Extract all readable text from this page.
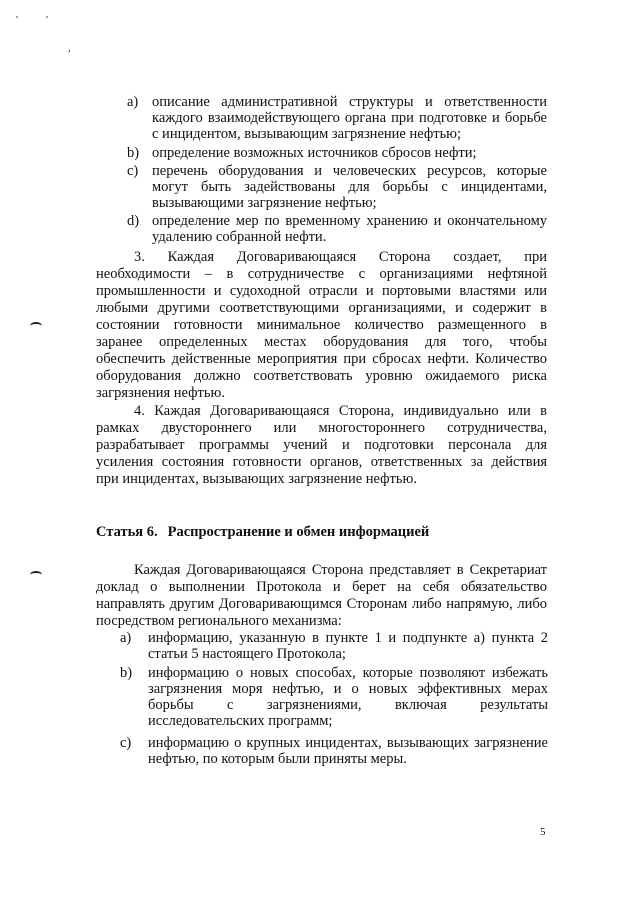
'	'
,
a) описание административной структуры и ответственности каждого взаимодействующего органа при подготовке и борьбе с инцидентом, вызывающим загрязнение нефтью;
b) определение возможных источников сбросов нефти;
c) перечень оборудования и человеческих ресурсов, которые могут быть задействованы для борьбы с инцидентами, вызывающими загрязнение нефтью;
d) определение мер по временному хранению и окончательному удалению собранной нефти.
3. Каждая Договаривающаяся Сторона создает, при
необходимости – в сотрудничестве с организациями нефтяной
промышленности и судоходной отрасли и портовыми властями или
любыми другими соответствующими организациями, и содержит в
состоянии готовности минимальное количество размещенного в
заранее определенных местах оборудования для того, чтобы
обеспечить действенные мероприятия при сбросах нефти. Количество
оборудования должно соответствовать уровню ожидаемого риска
загрязнения нефтью.
4. Каждая Договаривающаяся Сторона, индивидуально или в
рамках двустороннего или многостороннего сотрудничества,
разрабатывает программы учений и подготовки персонала для
усиления состояния готовности органов, ответственных за действия
при инцидентах, вызывающих загрязнение нефтью.
Статья 6. Распространение и обмен информацией
Каждая Договаривающаяся Сторона представляет в Секретариат
доклад о выполнении Протокола и берет на себя обязательство
направлять другим Договаривающимся Сторонам либо напрямую, либо
посредством регионального механизма:
a) информацию, указанную в пункте 1 и подпункте a) пункта 2 статьи 5 настоящего Протокола;
b) информацию о новых способах, которые позволяют избежать загрязнения моря нефтью, и о новых эффективных мерах борьбы с загрязнениями, включая результаты исследовательских программ;
c) информацию о крупных инцидентах, вызывающих загрязнение нефтью, по которым были приняты меры.
5
